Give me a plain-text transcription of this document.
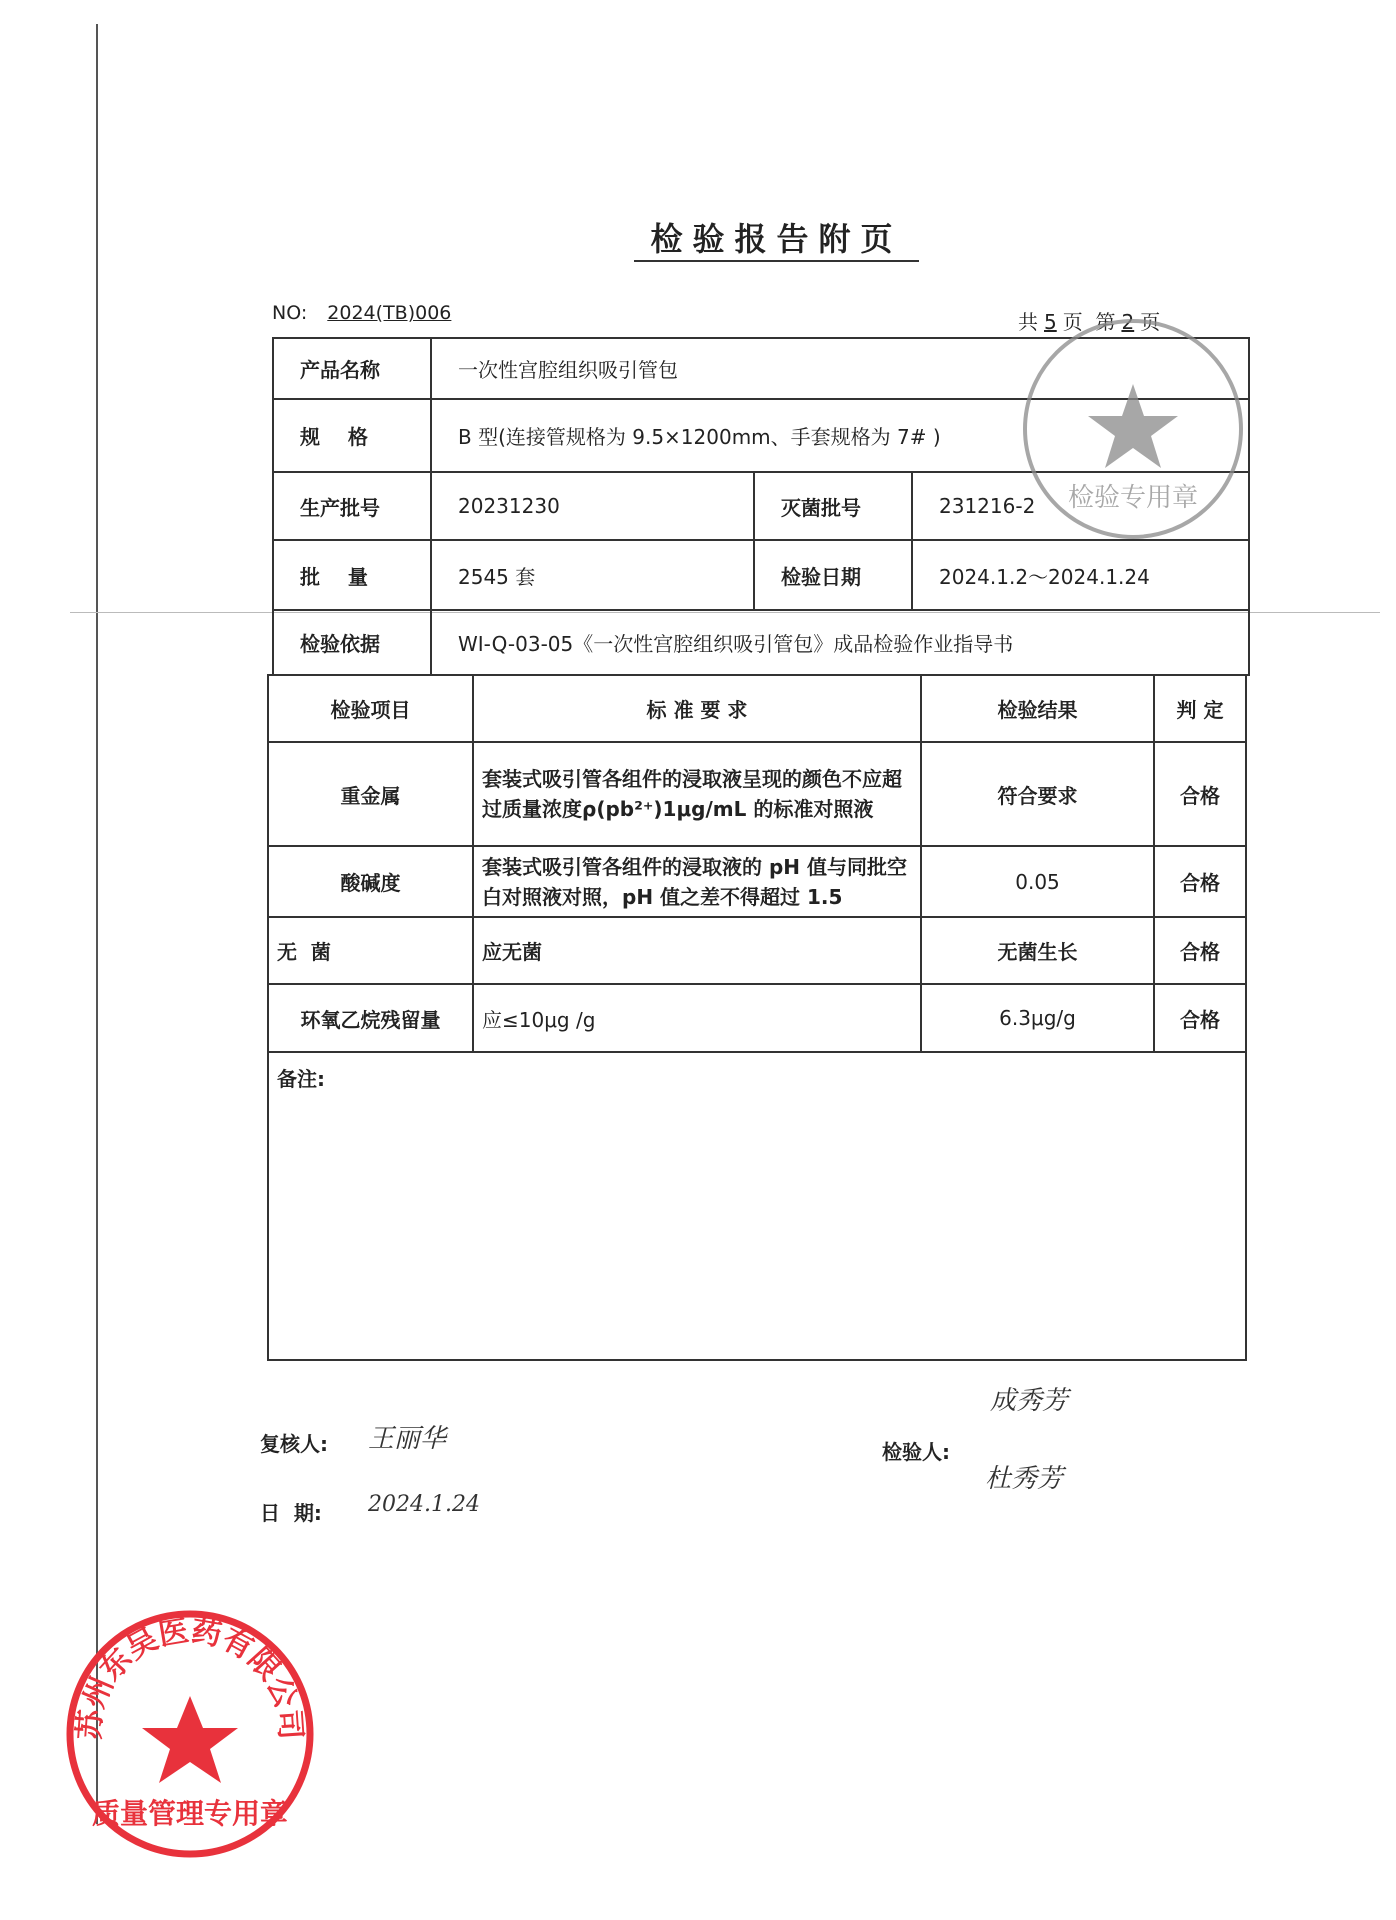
检验报告附页
NO: 2024(TB)006	共 5 页 第 2 页
产品名称	一次性宫腔组织吸引管包		
规    格	B 型(连接管规格为 9.5×1200mm、手套规格为 7# )		
生产批号	20231230	灭菌批号	231216-2
批    量	2545 套	检验日期	2024.1.2～2024.1.24
检验依据	WI-Q-03-05《一次性宫腔组织吸引管包》成品检验作业指导书		
检验项目	标 准 要 求	检验结果	判 定
重金属	套装式吸引管各组件的浸取液呈现的颜色不应超过质量浓度ρ(pb²⁺)1μg/mL 的标准对照液	符合要求	合格
酸碱度	套装式吸引管各组件的浸取液的 pH 值与同批空白对照液对照，pH 值之差不得超过 1.5	0.05	合格
无  菌	应无菌	无菌生长	合格
环氧乙烷残留量	应≤10μg /g	6.3μg/g	合格
备注:			
复核人: 王丽华
日  期: 2024.1.24
检验人:
成秀芳
杜秀芳
检验专用章
苏州东吴医药有限公司
质量管理专用章
